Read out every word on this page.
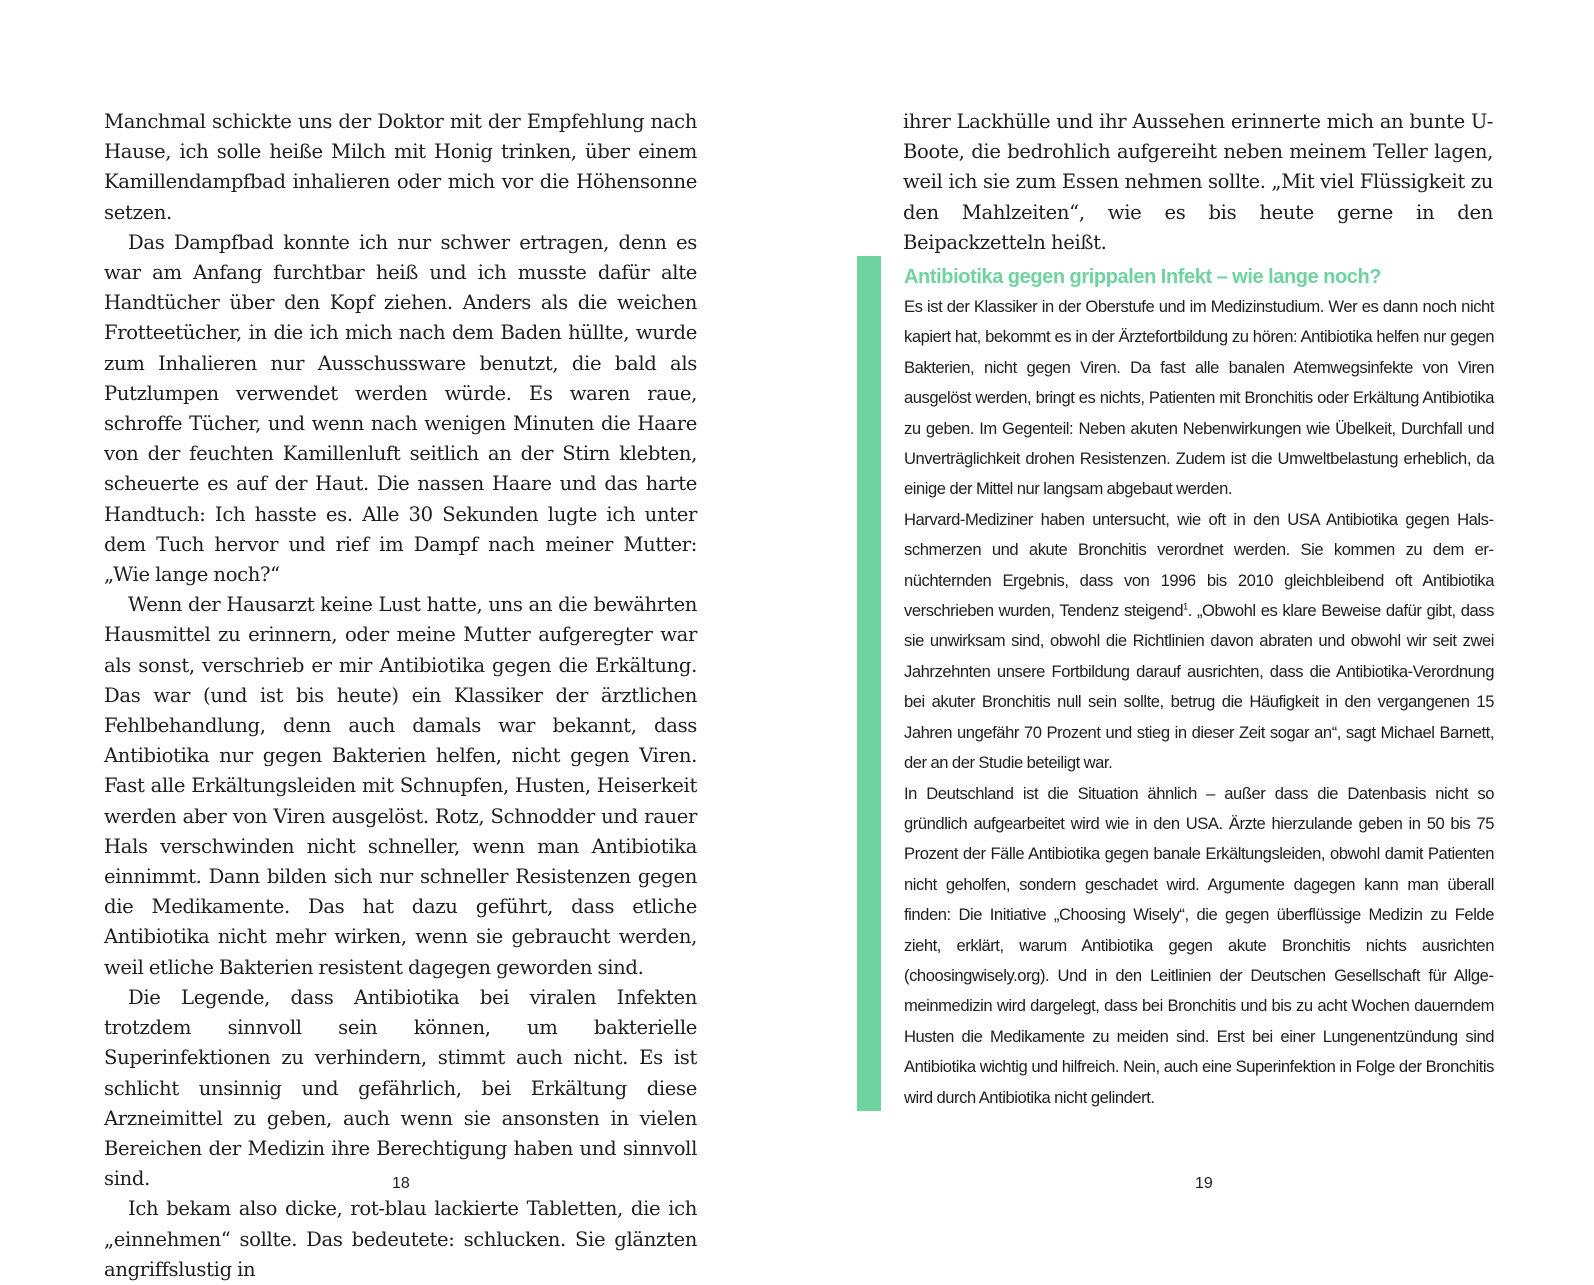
Manchmal schickte uns der Doktor mit der Empfehlung nach Hause, ich solle heiße Milch mit Honig trinken, über einem Kamillendampfbad inhalieren oder mich vor die Höhensonne setzen.

Das Dampfbad konnte ich nur schwer ertragen, denn es war am Anfang furchtbar heiß und ich musste dafür alte Handtücher über den Kopf ziehen. Anders als die weichen Frotteetücher, in die ich mich nach dem Baden hüllte, wurde zum Inhalieren nur Ausschussware benutzt, die bald als Putzlumpen verwendet werden würde. Es waren raue, schroffe Tücher, und wenn nach wenigen Minuten die Haare von der feuchten Kamillenluft seitlich an der Stirn klebten, scheuerte es auf der Haut. Die nassen Haare und das harte Handtuch: Ich hasste es. Alle 30 Sekunden lugte ich unter dem Tuch hervor und rief im Dampf nach meiner Mutter: „Wie lange noch?“

Wenn der Hausarzt keine Lust hatte, uns an die bewährten Hausmittel zu erinnern, oder meine Mutter aufgeregter war als sonst, verschrieb er mir Antibiotika gegen die Erkältung. Das war (und ist bis heute) ein Klassiker der ärztlichen Fehlbehandlung, denn auch damals war bekannt, dass Antibiotika nur gegen Bakterien helfen, nicht gegen Viren. Fast alle Erkältungsleiden mit Schnupfen, Husten, Heiserkeit werden aber von Viren ausgelöst. Rotz, Schnodder und rauer Hals verschwinden nicht schneller, wenn man Antibiotika einnimmt. Dann bilden sich nur schneller Resistenzen gegen die Medikamente. Das hat dazu geführt, dass etliche Antibiotika nicht mehr wirken, wenn sie gebraucht werden, weil etliche Bakterien resistent dagegen geworden sind.

Die Legende, dass Antibiotika bei viralen Infekten trotzdem sinnvoll sein können, um bakterielle Superinfektionen zu verhindern, stimmt auch nicht. Es ist schlicht unsinnig und gefährlich, bei Erkältung diese Arzneimittel zu geben, auch wenn sie ansonsten in vielen Bereichen der Medizin ihre Berechtigung haben und sinnvoll sind.

Ich bekam also dicke, rot-blau lackierte Tabletten, die ich „einnehmen“ sollte. Das bedeutete: schlucken. Sie glänzten angriffslustig in

18

ihrer Lackhülle und ihr Aussehen erinnerte mich an bunte U-Boote, die bedrohlich aufgereiht neben meinem Teller lagen, weil ich sie zum Essen nehmen sollte. „Mit viel Flüssigkeit zu den Mahlzeiten“, wie es bis heute gerne in den Beipackzetteln heißt.

Antibiotika gegen grippalen Infekt – wie lange noch?

Es ist der Klassiker in der Oberstufe und im Medizinstudium. Wer es dann noch nicht kapiert hat, bekommt es in der Ärztefortbildung zu hören: Antibiotika helfen nur gegen Bakterien, nicht gegen Viren. Da fast alle banalen Atemwegsinfekte von Viren ausgelöst werden, bringt es nichts, Patienten mit Bronchitis oder Erkältung Antibiotika zu geben. Im Gegenteil: Neben akuten Nebenwirkungen wie Übelkeit, Durchfall und Unverträglichkeit drohen Resistenzen. Zudem ist die Umweltbelastung erheblich, da einige der Mittel nur langsam abgebaut werden.

Harvard-Mediziner haben untersucht, wie oft in den USA Antibiotika gegen Halsschmerzen und akute Bronchitis verordnet werden. Sie kommen zu dem ernüchternden Ergebnis, dass von 1996 bis 2010 gleichbleibend oft Antibiotika verschrieben wurden, Tendenz steigend$^1$. „Obwohl es klare Beweise dafür gibt, dass sie unwirksam sind, obwohl die Richtlinien davon abraten und obwohl wir seit zwei Jahrzehnten unsere Fortbildung darauf ausrichten, dass die Antibiotika-Verordnung bei akuter Bronchitis null sein sollte, betrug die Häufigkeit in den vergangenen 15 Jahren ungefähr 70 Prozent und stieg in dieser Zeit sogar an“, sagt Michael Barnett, der an der Studie beteiligt war.

In Deutschland ist die Situation ähnlich – außer dass die Datenbasis nicht so gründlich aufgearbeitet wird wie in den USA. Ärzte hierzulande geben in 50 bis 75 Prozent der Fälle Antibiotika gegen banale Erkältungsleiden, obwohl damit Patienten nicht geholfen, sondern geschadet wird. Argumente dagegen kann man überall finden: Die Initiative „Choosing Wisely“, die gegen überflüssige Medizin zu Felde zieht, erklärt, warum Antibiotika gegen akute Bronchitis nichts ausrichten (choosingwisely.org). Und in den Leitlinien der Deutschen Gesellschaft für Allgemeinmedizin wird dargelegt, dass bei Bronchitis und bis zu acht Wochen dauerndem Husten die Medikamente zu meiden sind. Erst bei einer Lungenentzündung sind Antibiotika wichtig und hilfreich. Nein, auch eine Superinfektion in Folge der Bronchitis wird durch Antibiotika nicht gelindert.

19
